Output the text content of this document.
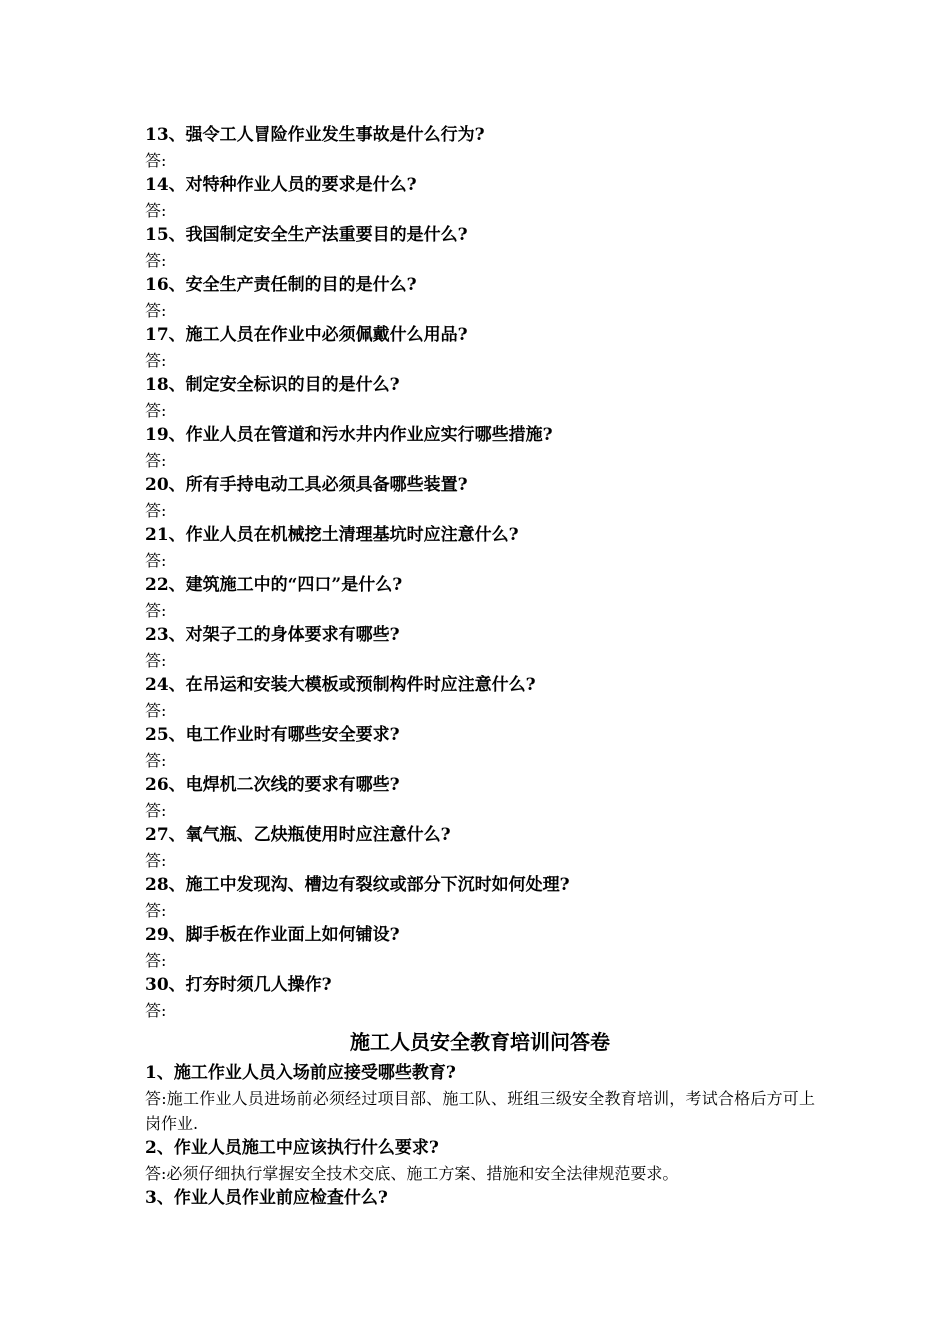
13、强令工人冒险作业发生事故是什么行为?
答:
14、对特种作业人员的要求是什么?
答:
15、我国制定安全生产法重要目的是什么?
答:
16、安全生产责任制的目的是什么?
答:
17、施工人员在作业中必须佩戴什么用品?
答:
18、制定安全标识的目的是什么?
答:
19、作业人员在管道和污水井内作业应实行哪些措施?
答:
20、所有手持电动工具必须具备哪些装置?
答:
21、作业人员在机械挖土清理基坑时应注意什么?
答:
22、建筑施工中的“四口”是什么?
答:
23、对架子工的身体要求有哪些?
答:
24、在吊运和安装大模板或预制构件时应注意什么?
答:
25、电工作业时有哪些安全要求?
答:
26、电焊机二次线的要求有哪些?
答:
27、氧气瓶、乙炔瓶使用时应注意什么?
答:
28、施工中发现沟、槽边有裂纹或部分下沉时如何处理?
答:
29、脚手板在作业面上如何铺设?
答:
30、打夯时须几人操作?
答:
施工人员安全教育培训问答卷
1、施工作业人员入场前应接受哪些教育?
答:施工作业人员进场前必须经过项目部、施工队、班组三级安全教育培训，考试合格后方可上岗作业.
2、作业人员施工中应该执行什么要求?
答:必须仔细执行掌握安全技术交底、施工方案、措施和安全法律规范要求。
3、作业人员作业前应检查什么?
